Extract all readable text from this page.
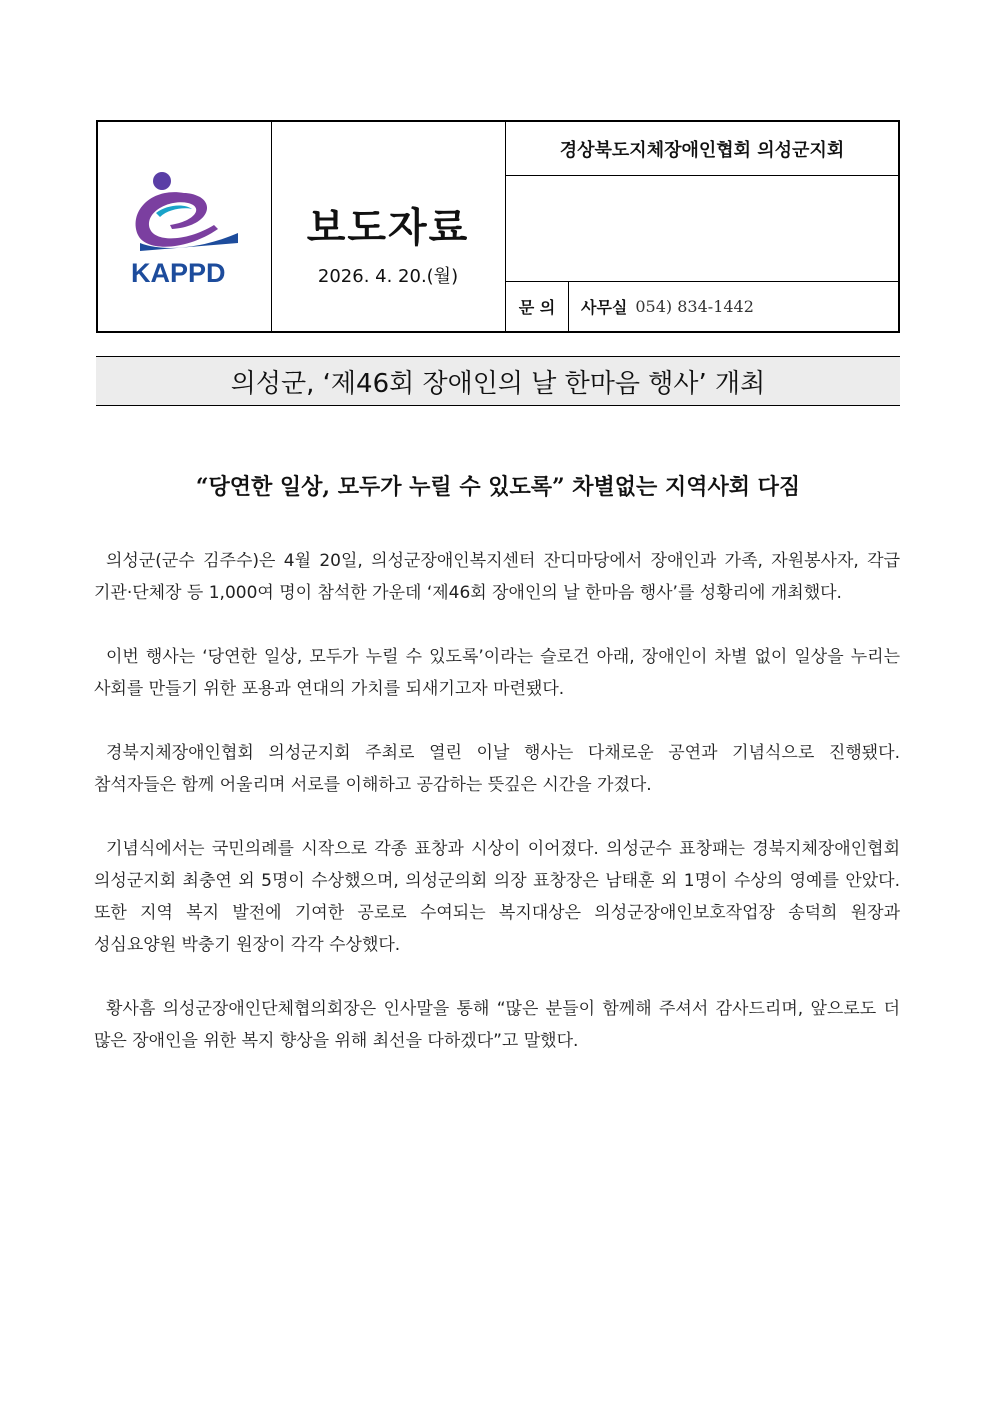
KAPPD
보도자료
2026. 4. 20.(월)
경상북도지체장애인협회 의성군지회
문 의	사무실 054) 834-1442
의성군, ‘제46회 장애인의 날 한마음 행사’ 개최
“당연한 일상, 모두가 누릴 수 있도록” 차별없는 지역사회 다짐

의성군(군수 김주수)은 4월 20일, 의성군장애인복지센터 잔디마당에서 장애인과 가족, 자원봉사자, 각급 기관·단체장 등 1,000여 명이 참석한 가운데 ‘제46회 장애인의 날 한마음 행사’를 성황리에 개최했다.

이번 행사는 ‘당연한 일상, 모두가 누릴 수 있도록’이라는 슬로건 아래, 장애인이 차별 없이 일상을 누리는 사회를 만들기 위한 포용과 연대의 가치를 되새기고자 마련됐다.

경북지체장애인협회 의성군지회 주최로 열린 이날 행사는 다채로운 공연과 기념식으로 진행됐다. 참석자들은 함께 어울리며 서로를 이해하고 공감하는 뜻깊은 시간을 가졌다.

기념식에서는 국민의례를 시작으로 각종 표창과 시상이 이어졌다. 의성군수 표창패는 경북지체장애인협회 의성군지회 최충연 외 5명이 수상했으며, 의성군의회 의장 표창장은 남태훈 외 1명이 수상의 영예를 안았다. 또한 지역 복지 발전에 기여한 공로로 수여되는 복지대상은 의성군장애인보호작업장 송덕희 원장과 성심요양원 박충기 원장이 각각 수상했다.

황사흠 의성군장애인단체협의회장은 인사말을 통해 “많은 분들이 함께해 주셔서 감사드리며, 앞으로도 더 많은 장애인을 위한 복지 향상을 위해 최선을 다하겠다”고 말했다.
